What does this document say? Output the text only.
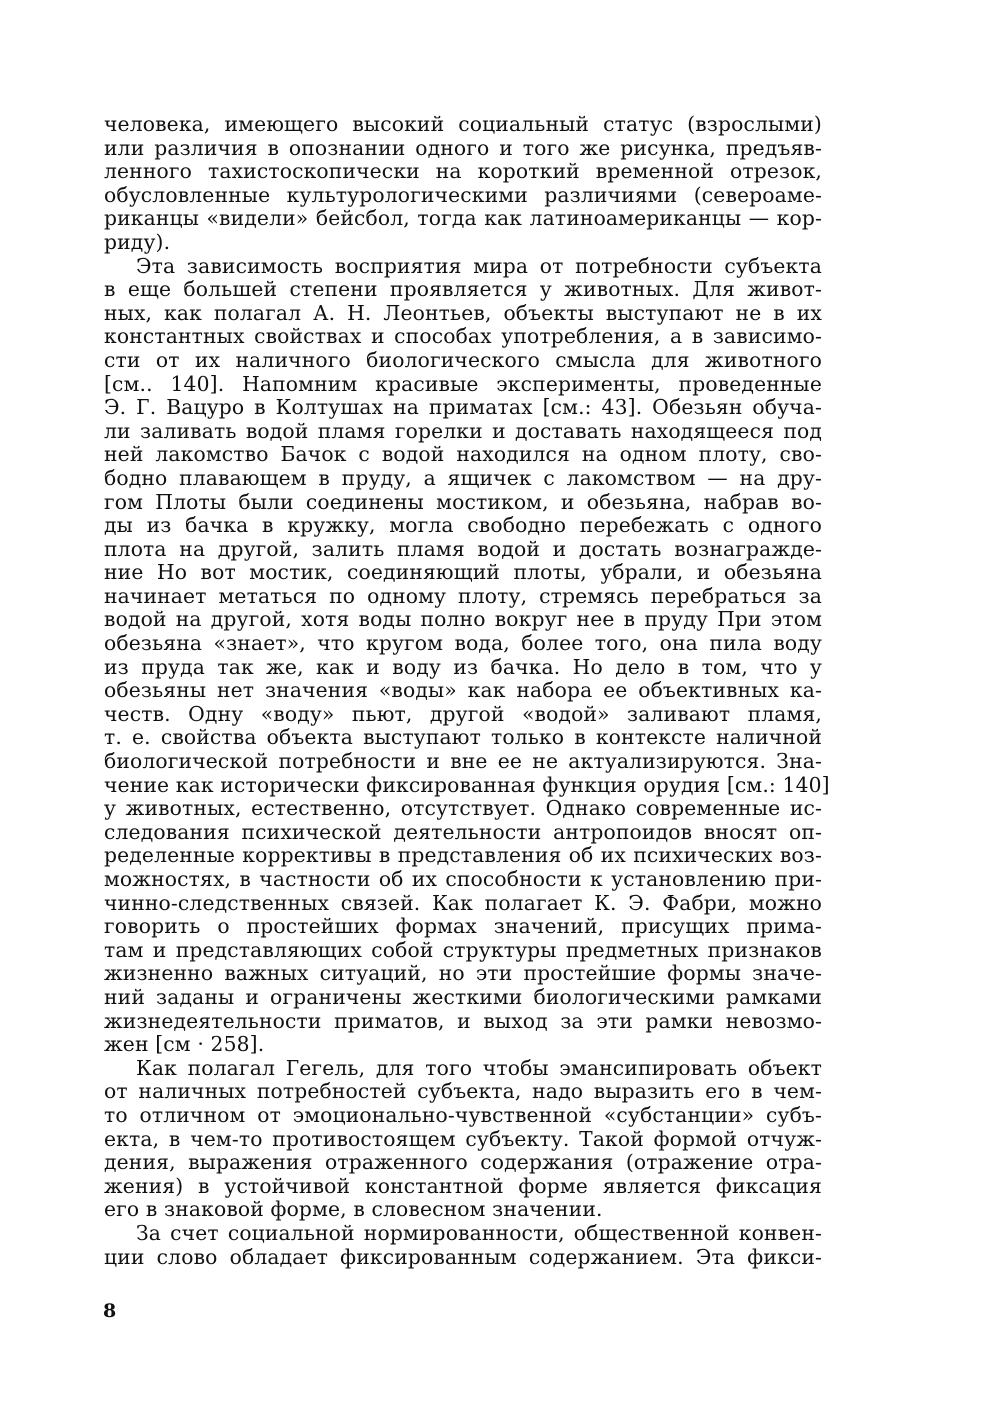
человека, имеющего высокий социальный статус (взрослыми)
или различия в опознании одного и того же рисунка, предъяв-
ленного тахистоскопически на короткий временной отрезок,
обусловленные культурологическими различиями (североаме-
риканцы «видели» бейсбол, тогда как латиноамериканцы — кор-
риду).
Эта зависимость восприятия мира от потребности субъекта
в еще большей степени проявляется у животных. Для живот-
ных, как полагал А. Н. Леонтьев, объекты выступают не в их
константных свойствах и способах употребления, а в зависимо-
сти от их наличного биологического смысла для животного
[см.. 140]. Напомним красивые эксперименты, проведенные
Э. Г. Вацуро в Колтушах на приматах [см.: 43]. Обезьян обуча-
ли заливать водой пламя горелки и доставать находящееся под
ней лакомство Бачок с водой находился на одном плоту, сво-
бодно плавающем в пруду, а ящичек с лакомством — на дру-
гом Плоты были соединены мостиком, и обезьяна, набрав во-
ды из бачка в кружку, могла свободно перебежать с одного
плота на другой, залить пламя водой и достать вознагражде-
ние Но вот мостик, соединяющий плоты, убрали, и обезьяна
начинает метаться по одному плоту, стремясь перебраться за
водой на другой, хотя воды полно вокруг нее в пруду При этом
обезьяна «знает», что кругом вода, более того, она пила воду
из пруда так же, как и воду из бачка. Но дело в том, что у
обезьяны нет значения «воды» как набора ее объективных ка-
честв. Одну «воду» пьют, другой «водой» заливают пламя,
т. е. свойства объекта выступают только в контексте наличной
биологической потребности и вне ее не актуализируются. Зна-
чение как исторически фиксированная функция орудия [см.: 140]
у животных, естественно, отсутствует. Однако современные ис-
следования психической деятельности антропоидов вносят оп-
ределенные коррективы в представления об их психических воз-
можностях, в частности об их способности к установлению при-
чинно-следственных связей. Как полагает К. Э. Фабри, можно
говорить о простейших формах значений, присущих прима-
там и представляющих собой структуры предметных признаков
жизненно важных ситуаций, но эти простейшие формы значе-
ний заданы и ограничены жесткими биологическими рамками
жизнедеятельности приматов, и выход за эти рамки невозмо-
жен [см · 258].
Как полагал Гегель, для того чтобы эмансипировать объект
от наличных потребностей субъекта, надо выразить его в чем-
то отличном от эмоционально-чувственной «субстанции» субъ-
екта, в чем-то противостоящем субъекту. Такой формой отчуж-
дения, выражения отраженного содержания (отражение отра-
жения) в устойчивой константной форме является фиксация
его в знаковой форме, в словесном значении.
За счет социальной нормированности, общественной конвен-
ции слово обладает фиксированным содержанием. Эта фикси-
8
